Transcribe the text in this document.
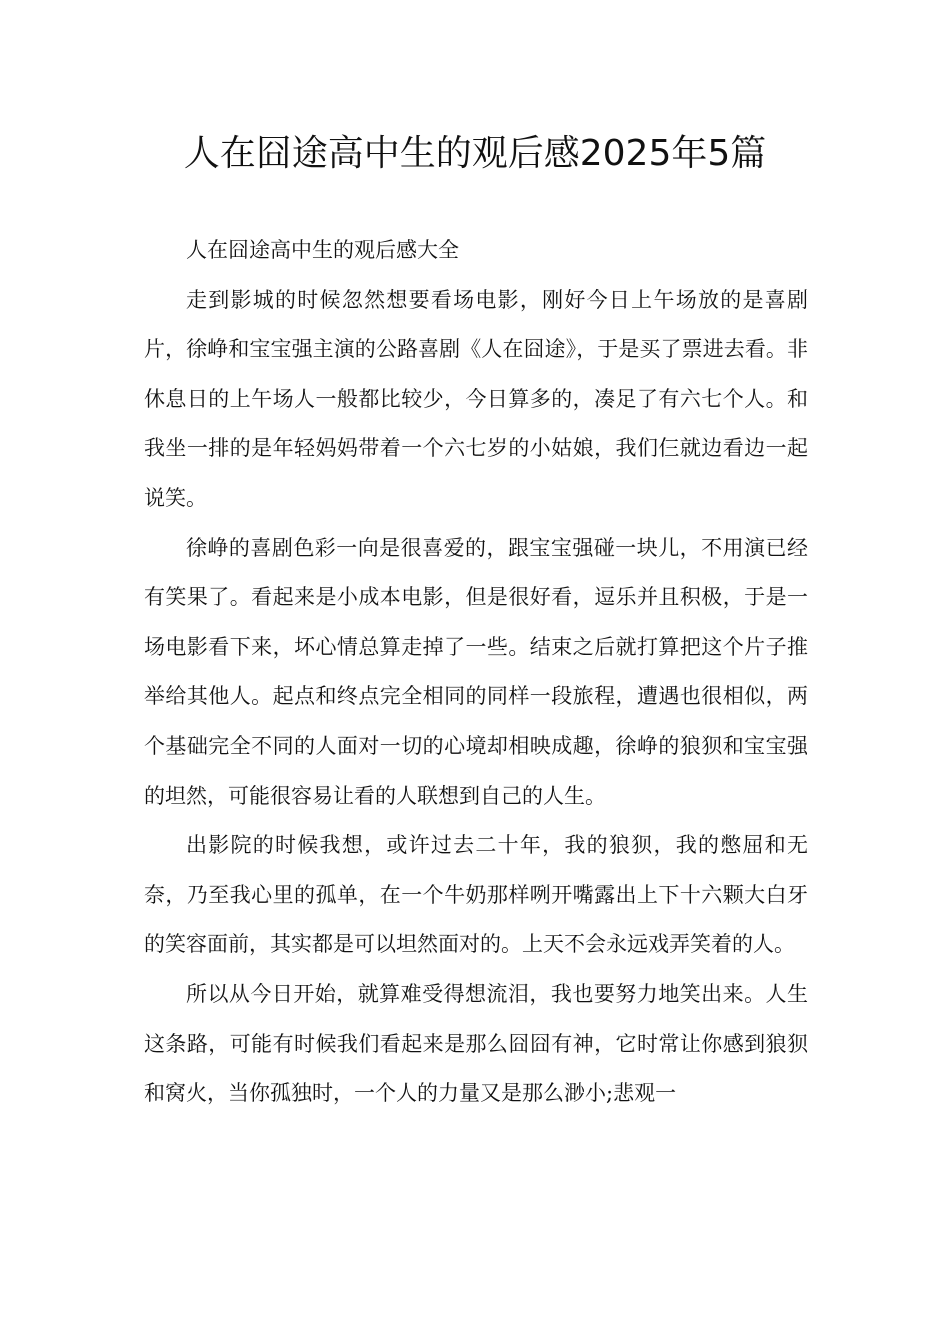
人在囧途高中生的观后感2025年5篇

人在囧途高中生的观后感大全

走到影城的时候忽然想要看场电影，刚好今日上午场放的是喜剧片，徐峥和宝宝强主演的公路喜剧《人在囧途》，于是买了票进去看。非休息日的上午场人一般都比较少，今日算多的，凑足了有六七个人。和我坐一排的是年轻妈妈带着一个六七岁的小姑娘，我们仨就边看边一起说笑。

徐峥的喜剧色彩一向是很喜爱的，跟宝宝强碰一块儿，不用演已经有笑果了。看起来是小成本电影，但是很好看，逗乐并且积极，于是一场电影看下来，坏心情总算走掉了一些。结束之后就打算把这个片子推举给其他人。起点和终点完全相同的同样一段旅程，遭遇也很相似，两个基础完全不同的人面对一切的心境却相映成趣，徐峥的狼狈和宝宝强的坦然，可能很容易让看的人联想到自己的人生。

出影院的时候我想，或许过去二十年，我的狼狈，我的憋屈和无奈，乃至我心里的孤单，在一个牛奶那样咧开嘴露出上下十六颗大白牙的笑容面前，其实都是可以坦然面对的。上天不会永远戏弄笑着的人。

所以从今日开始，就算难受得想流泪，我也要努力地笑出来。人生这条路，可能有时候我们看起来是那么囧囧有神，它时常让你感到狼狈和窝火，当你孤独时，一个人的力量又是那么渺小;悲观一
